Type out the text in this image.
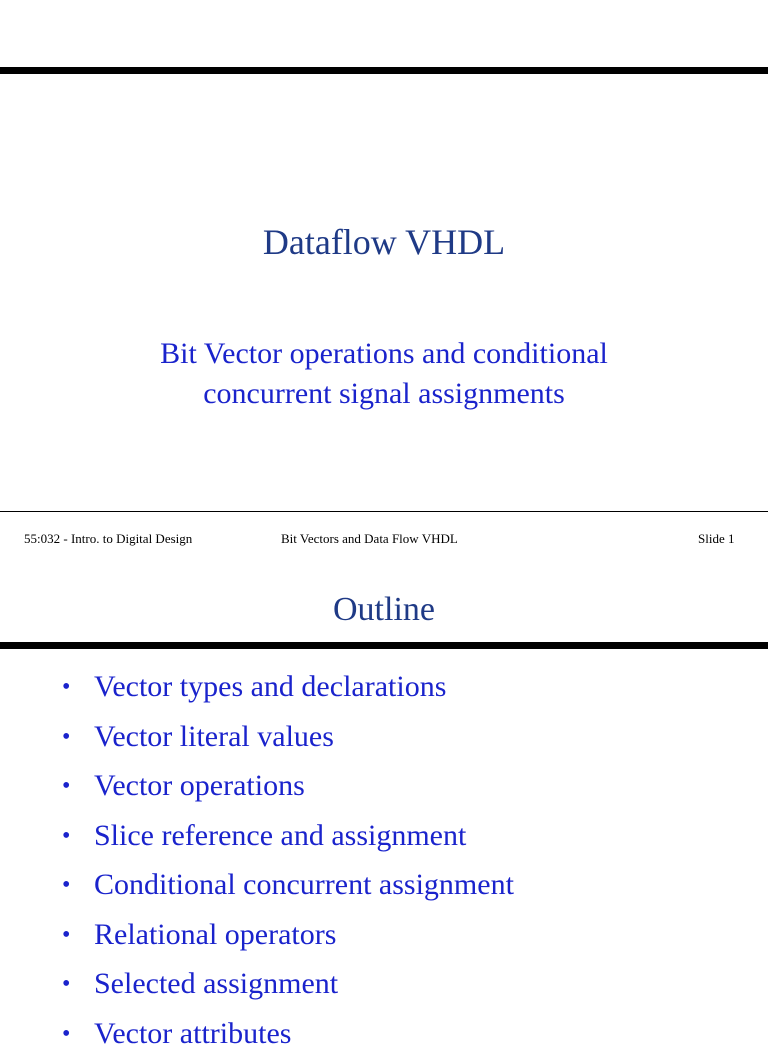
Dataflow VHDL
Bit Vector operations and conditional
concurrent signal assignments
55:032 - Intro. to Digital Design	Bit Vectors and Data Flow VHDL	Slide 1
Outline
• Vector types and declarations
• Vector literal values
• Vector operations
• Slice reference and assignment
• Conditional concurrent assignment
• Relational operators
• Selected assignment
• Vector attributes
